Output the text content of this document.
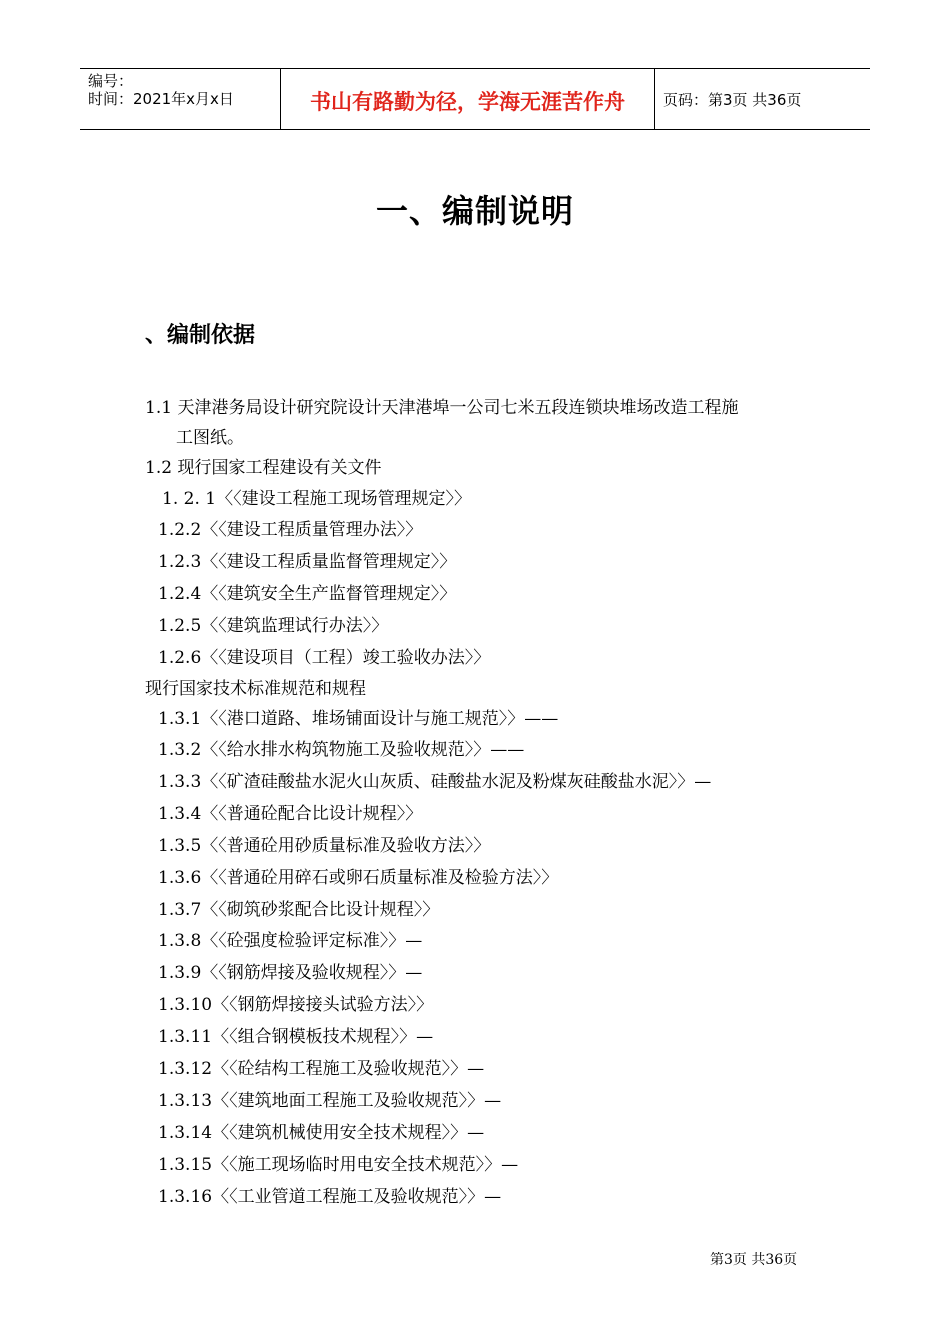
编号：
时间：2021年x月x日	书山有路勤为径，学海无涯苦作舟	页码：第3页 共36页
一、编制说明
、编制依据
1.1 天津港务局设计研究院设计天津港埠一公司七米五段连锁块堆场改造工程施
工图纸。
1.2 现行国家工程建设有关文件
1. 2. 1〈〈建设工程施工现场管理规定〉〉
1.2.2〈〈建设工程质量管理办法〉〉
1.2.3〈〈建设工程质量监督管理规定〉〉
1.2.4〈〈建筑安全生产监督管理规定〉〉
1.2.5〈〈建筑监理试行办法〉〉
1.2.6〈〈建设项目（工程）竣工验收办法〉〉
现行国家技术标准规范和规程
1.3.1〈〈港口道路、堆场铺面设计与施工规范〉〉——
1.3.2〈〈给水排水构筑物施工及验收规范〉〉——
1.3.3〈〈矿渣硅酸盐水泥火山灰质、硅酸盐水泥及粉煤灰硅酸盐水泥〉〉—
1.3.4〈〈普通砼配合比设计规程〉〉
1.3.5〈〈普通砼用砂质量标准及验收方法〉〉
1.3.6〈〈普通砼用碎石或卵石质量标准及检验方法〉〉
1.3.7〈〈砌筑砂浆配合比设计规程〉〉
1.3.8〈〈砼强度检验评定标准〉〉—
1.3.9〈〈钢筋焊接及验收规程〉〉—
1.3.10〈〈钢筋焊接接头试验方法〉〉
1.3.11〈〈组合钢模板技术规程〉〉—
1.3.12〈〈砼结构工程施工及验收规范〉〉—
1.3.13〈〈建筑地面工程施工及验收规范〉〉—
1.3.14〈〈建筑机械使用安全技术规程〉〉—
1.3.15〈〈施工现场临时用电安全技术规范〉〉—
1.3.16〈〈工业管道工程施工及验收规范〉〉—
第3页 共36页
